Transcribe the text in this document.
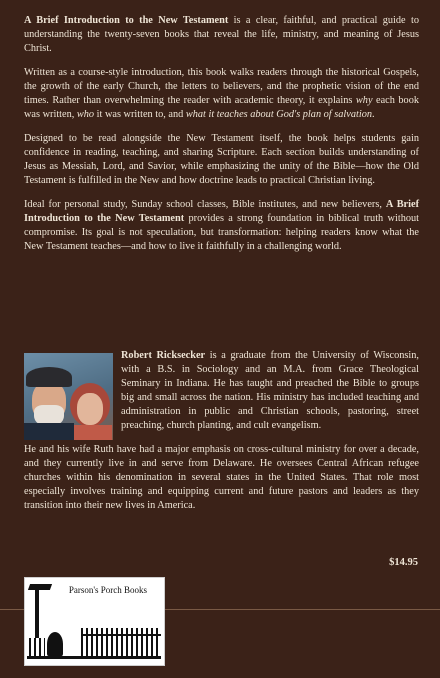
A Brief Introduction to the New Testament is a clear, faithful, and practical guide to understanding the twenty-seven books that reveal the life, ministry, and meaning of Jesus Christ.

Written as a course-style introduction, this book walks readers through the historical Gospels, the growth of the early Church, the letters to believers, and the prophetic vision of the end times. Rather than overwhelming the reader with academic theory, it explains why each book was written, who it was written to, and what it teaches about God's plan of salvation.

Designed to be read alongside the New Testament itself, the book helps students gain confidence in reading, teaching, and sharing Scripture. Each section builds understanding of Jesus as Messiah, Lord, and Savior, while emphasizing the unity of the Bible—how the Old Testament is fulfilled in the New and how doctrine leads to practical Christian living.

Ideal for personal study, Sunday school classes, Bible institutes, and new believers, A Brief Introduction to the New Testament provides a strong foundation in biblical truth without compromise. Its goal is not speculation, but transformation: helping readers know what the New Testament teaches—and how to live it faithfully in a challenging world.

Robert Ricksecker is a graduate from the University of Wisconsin, with a B.S. in Sociology and an M.A. from Grace Theological Seminary in Indiana. He has taught and preached the Bible to groups big and small across the nation. His ministry has included teaching and administration in public and Christian schools, pastoring, street preaching, church planting, and cult evangelism.

He and his wife Ruth have had a major emphasis on cross-cultural ministry for over a decade, and they currently live in and serve from Delaware. He oversees Central African refugee churches within his denomination in several states in the United States. That role most especially involves training and equipping current and future pastors and leaders as they transition into their new lives in America.

$14.95
Parson's Porch Books
